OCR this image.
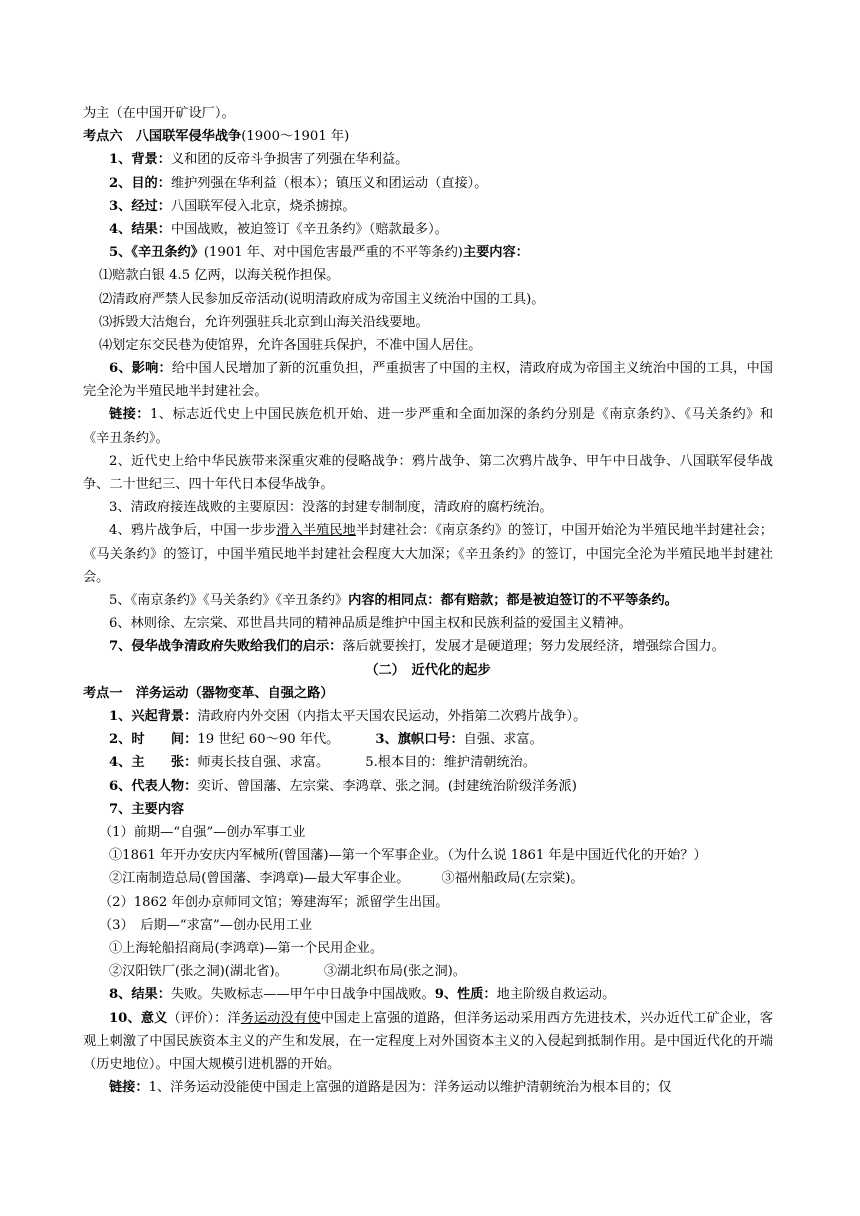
为主（在中国开矿设厂）。
考点六　八国联军侵华战争(1900～1901 年)
1、背景：义和团的反帝斗争损害了列强在华利益。
2、目的：维护列强在华利益（根本）；镇压义和团运动（直接）。
3、经过：八国联军侵入北京，烧杀掳掠。
4、结果：中国战败，被迫签订《辛丑条约》（赔款最多）。
5、《辛丑条约》(1901 年、对中国危害最严重的不平等条约)主要内容：
⑴赔款白银 4.5 亿两，以海关税作担保。
⑵清政府严禁人民参加反帝活动(说明清政府成为帝国主义统治中国的工具)。
⑶拆毁大沽炮台，允许列强驻兵北京到山海关沿线要地。
⑷划定东交民巷为使馆界，允许各国驻兵保护，不准中国人居住。
6、影响：给中国人民增加了新的沉重负担，严重损害了中国的主权，清政府成为帝国主义统治中国的工具，中国完全沦为半殖民地半封建社会。
链接：1、标志近代史上中国民族危机开始、进一步严重和全面加深的条约分别是《南京条约》、《马关条约》和《辛丑条约》。
2、近代史上给中华民族带来深重灾难的侵略战争：鸦片战争、第二次鸦片战争、甲午中日战争、八国联军侵华战争、二十世纪三、四十年代日本侵华战争。
3、清政府接连战败的主要原因：没落的封建专制制度，清政府的腐朽统治。
4、鸦片战争后，中国一步步滑入半殖民地半封建社会：《南京条约》的签订，中国开始沦为半殖民地半封建社会；《马关条约》的签订，中国半殖民地半封建社会程度大大加深；《辛丑条约》的签订，中国完全沦为半殖民地半封建社会。
5、《南京条约》《马关条约》《辛丑条约》内容的相同点：都有赔款；都是被迫签订的不平等条约。
6、林则徐、左宗棠、邓世昌共同的精神品质是维护中国主权和民族利益的爱国主义精神。
7、侵华战争清政府失败给我们的启示：落后就要挨打，发展才是硬道理；努力发展经济，增强综合国力。
（二）　近代化的起步
考点一　洋务运动（器物变革、自强之路）
1、兴起背景：清政府内外交困（内指太平天国农民运动，外指第二次鸦片战争）。
2、时　　间：19 世纪 60～90 年代。	3、旗帜口号：自强、求富。
4、主　　张：师夷长技自强、求富。	5.根本目的：维护清朝统治。
6、代表人物：奕䜣、曾国藩、左宗棠、李鸿章、张之洞。(封建统治阶级洋务派)
7、主要内容
（1）前期—“自强”—创办军事工业
①1861 年开办安庆内军械所(曾国藩)—第一个军事企业。（为什么说 1861 年是中国近代化的开始？）
②江南制造总局(曾国藩、李鸿章)—最大军事企业。 ③福州船政局(左宗棠)。
（2）1862 年创办京师同文馆；筹建海军；派留学生出国。
（3）　后期—“求富”—创办民用工业
①上海轮船招商局(李鸿章)—第一个民用企业。
②汉阳铁厂(张之洞)(湖北省)。	③湖北织布局(张之洞)。
8、结果：失败。失败标志——甲午中日战争中国战败。9、性质：地主阶级自救运动。
10、意义（评价）：洋务运动没有使中国走上富强的道路，但洋务运动采用西方先进技术，兴办近代工矿企业，客观上刺激了中国民族资本主义的产生和发展，在一定程度上对外国资本主义的入侵起到抵制作用。是中国近代化的开端（历史地位）。中国大规模引进机器的开始。
链接：1、洋务运动没能使中国走上富强的道路是因为：洋务运动以维护清朝统治为根本目的；仅
